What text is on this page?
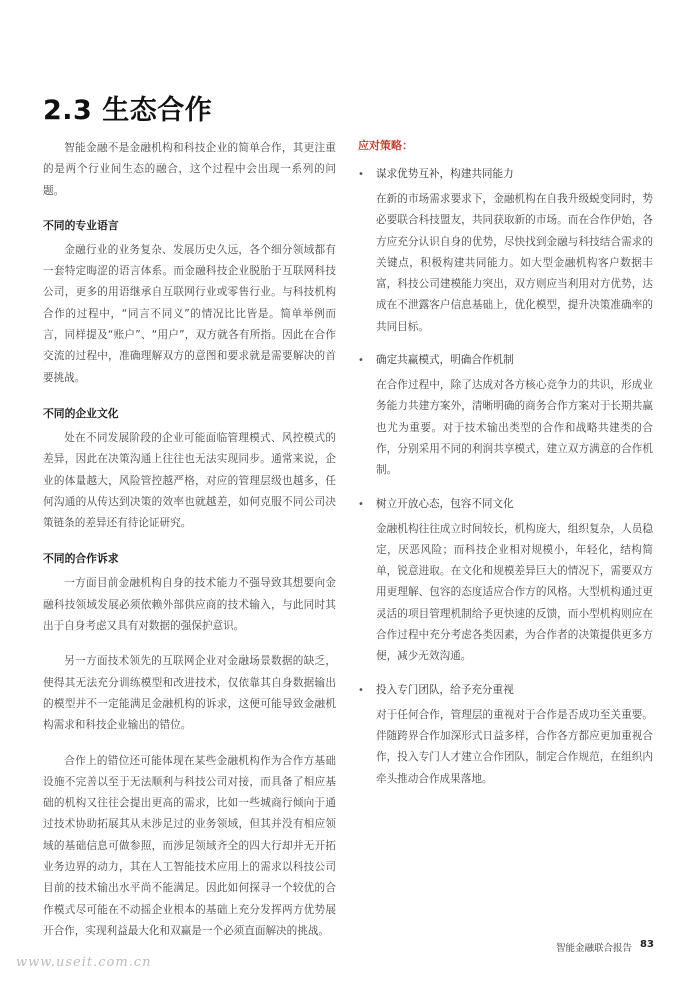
2.3 生态合作

智能金融不是金融机构和科技企业的简单合作，其更注重的是两个行业间生态的融合，这个过程中会出现一系列的问题。

不同的专业语言

金融行业的业务复杂、发展历史久远，各个细分领域都有一套特定晦涩的语言体系。而金融科技企业脱胎于互联网科技公司，更多的用语继承自互联网行业或零售行业。与科技机构合作的过程中，“同言不同义”的情况比比皆是。简单举例而言，同样提及“账户”、“用户”，双方就各有所指。因此在合作交流的过程中，准确理解双方的意图和要求就是需要解决的首要挑战。

不同的企业文化

处在不同发展阶段的企业可能面临管理模式、风控模式的差异，因此在决策沟通上往往也无法实现同步。通常来说，企业的体量越大，风险管控越严格，对应的管理层级也越多，任何沟通的从传达到决策的效率也就越差，如何克服不同公司决策链条的差异还有待论证研究。

不同的合作诉求

一方面目前金融机构自身的技术能力不强导致其想要向金融科技领域发展必须依赖外部供应商的技术输入，与此同时其出于自身考虑又具有对数据的强保护意识。

另一方面技术领先的互联网企业对金融场景数据的缺乏，使得其无法充分训练模型和改进技术，仅依靠其自身数据输出的模型并不一定能满足金融机构的诉求，这便可能导致金融机构需求和科技企业输出的错位。

合作上的错位还可能体现在某些金融机构作为合作方基础设施不完善以至于无法顺利与科技公司对接，而具备了相应基础的机构又往往会提出更高的需求，比如一些城商行倾向于通过技术协助拓展其从未涉足过的业务领域，但其并没有相应领域的基础信息可做参照，而涉足领域齐全的四大行却并无开拓业务边界的动力，其在人工智能技术应用上的需求以科技公司目前的技术输出水平尚不能满足。因此如何探寻一个较优的合作模式尽可能在不动摇企业根本的基础上充分发挥两方优势展开合作，实现利益最大化和双赢是一个必须直面解决的挑战。

应对策略：
• 谋求优势互补，构建共同能力

在新的市场需求要求下，金融机构在自我升级蜕变同时，势必要联合科技盟友，共同获取新的市场。而在合作伊始，各方应充分认识自身的优势，尽快找到金融与科技结合需求的关键点，积极构建共同能力。如大型金融机构客户数据丰富，科技公司建模能力突出，双方则应当利用对方优势，达成在不泄露客户信息基础上，优化模型，提升决策准确率的共同目标。

• 确定共赢模式，明确合作机制

在合作过程中，除了达成对各方核心竞争力的共识，形成业务能力共建方案外，清晰明确的商务合作方案对于长期共赢也尤为重要。对于技术输出类型的合作和战略共建类的合作，分别采用不同的利润共享模式，建立双方满意的合作机制。

• 树立开放心态，包容不同文化

金融机构往往成立时间较长，机构庞大，组织复杂，人员稳定，厌恶风险；而科技企业相对规模小，年轻化，结构简单，锐意进取。在文化和规模差异巨大的情况下，需要双方用更理解、包容的态度适应合作方的风格。大型机构通过更灵活的项目管理机制给予更快速的反馈，而小型机构则应在合作过程中充分考虑各类因素，为合作者的决策提供更多方便，减少无效沟通。

• 投入专门团队，给予充分重视

对于任何合作，管理层的重视对于合作是否成功至关重要。伴随跨界合作加深形式日益多样，合作各方都应更加重视合作，投入专门人才建立合作团队，制定合作规范，在组织内牵头推动合作成果落地。

智能金融联合报告 83
www.useit.com.cn
